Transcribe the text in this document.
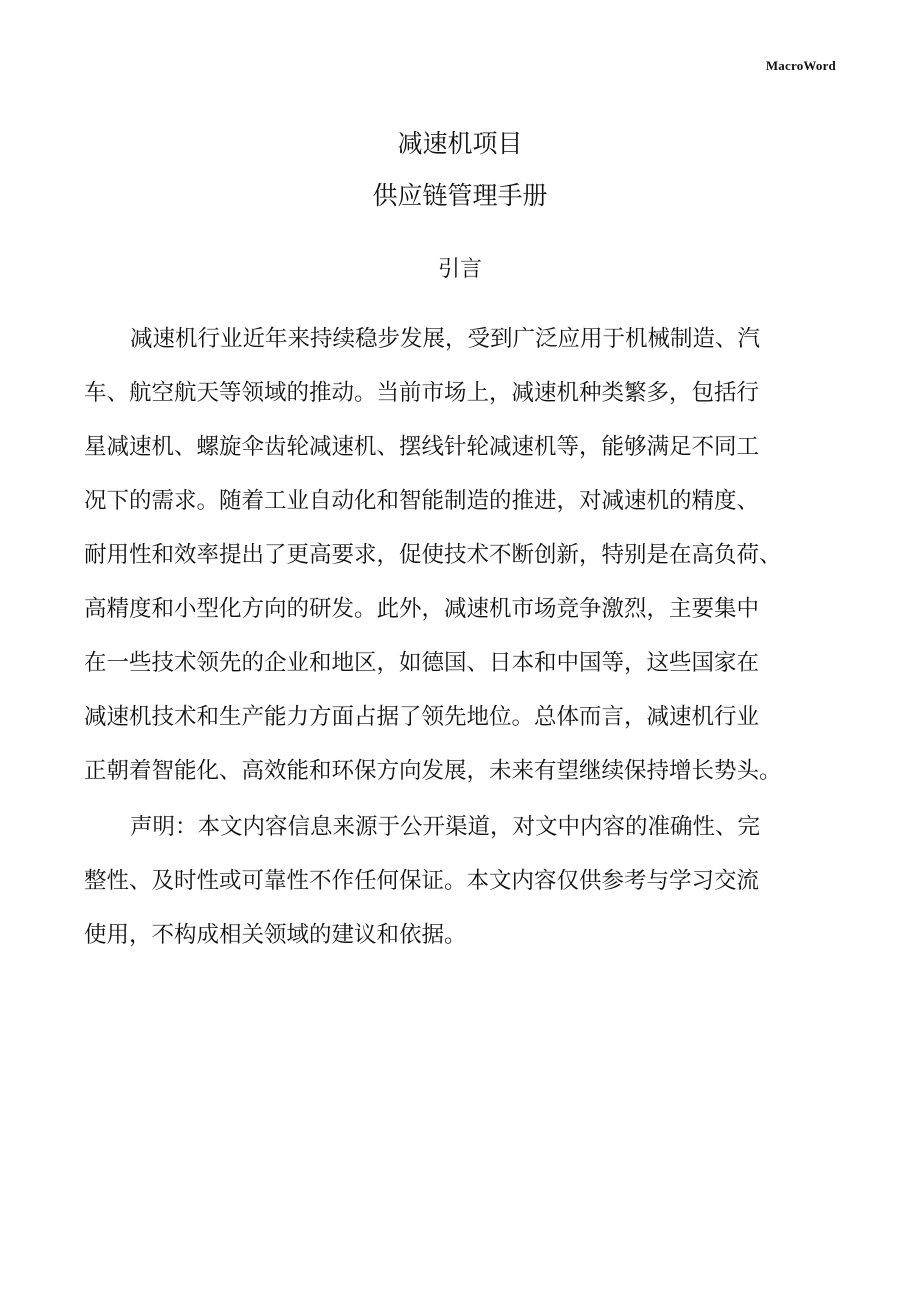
MacroWord
减速机项目
供应链管理手册
引言
减速机行业近年来持续稳步发展，受到广泛应用于机械制造、汽
车、航空航天等领域的推动。当前市场上，减速机种类繁多，包括行
星减速机、螺旋伞齿轮减速机、摆线针轮减速机等，能够满足不同工
况下的需求。随着工业自动化和智能制造的推进，对减速机的精度、
耐用性和效率提出了更高要求，促使技术不断创新，特别是在高负荷、
高精度和小型化方向的研发。此外，减速机市场竞争激烈，主要集中
在一些技术领先的企业和地区，如德国、日本和中国等，这些国家在
减速机技术和生产能力方面占据了领先地位。总体而言，减速机行业
正朝着智能化、高效能和环保方向发展，未来有望继续保持增长势头。
声明：本文内容信息来源于公开渠道，对文中内容的准确性、完
整性、及时性或可靠性不作任何保证。本文内容仅供参考与学习交流
使用，不构成相关领域的建议和依据。
